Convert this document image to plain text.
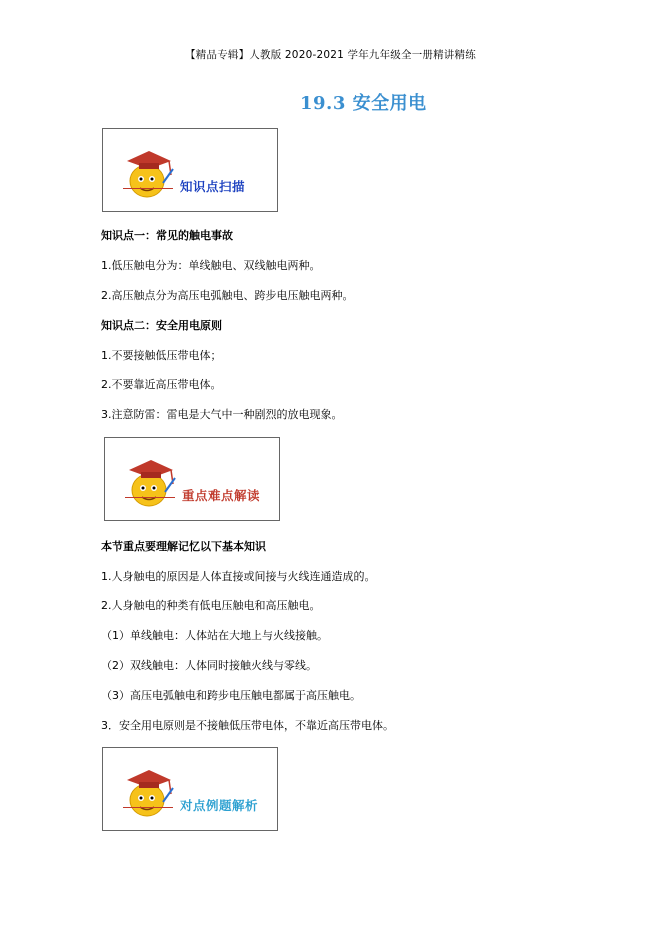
【精品专辑】人教版 2020-2021 学年九年级全一册精讲精练
19.3 安全用电
知识点扫描
知识点一：常见的触电事故
1.低压触电分为：单线触电、双线触电两种。
2.高压触点分为高压电弧触电、跨步电压触电两种。
知识点二：安全用电原则
1.不要接触低压带电体；
2.不要靠近高压带电体。
3.注意防雷：雷电是大气中一种剧烈的放电现象。
重点难点解读
本节重点要理解记忆以下基本知识
1.人身触电的原因是人体直接或间接与火线连通造成的。
2.人身触电的种类有低电压触电和高压触电。
（1）单线触电：人体站在大地上与火线接触。
（2）双线触电：人体同时接触火线与零线。
（3）高压电弧触电和跨步电压触电都属于高压触电。
3．安全用电原则是不接触低压带电体，不靠近高压带电体。
对点例题解析
